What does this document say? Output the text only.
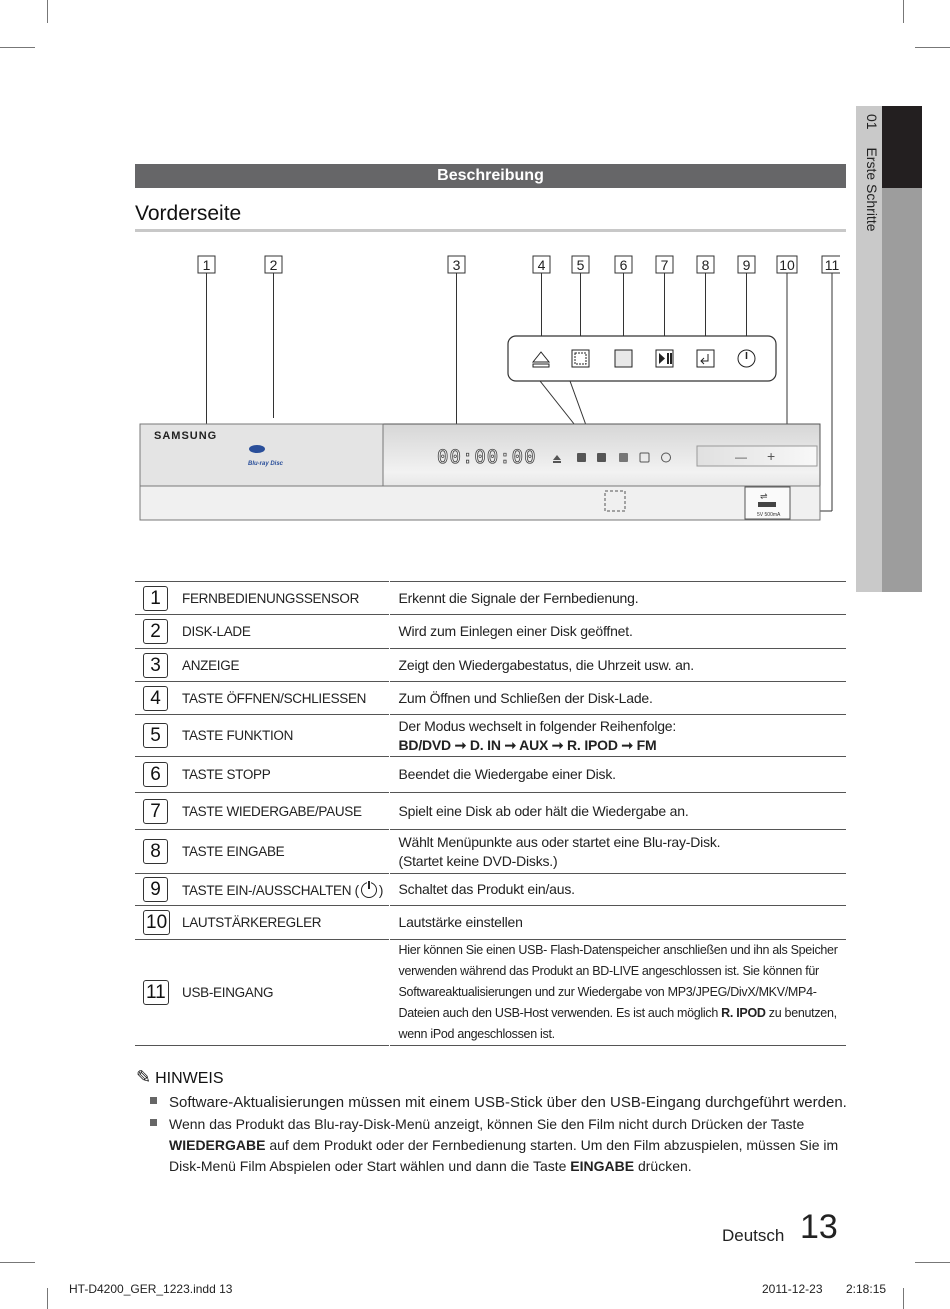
01 Erste Schritte
Beschreibung
Vorderseite
1	2	3	4 5	6 7 8 9 10 11
SAMSUNG
Blu-ray Disc	00:00:00	— +
5V 500mA
⇌
1	FERNBEDIENUNGSSENSOR	Erkennt die Signale der Fernbedienung.
2	DISK-LADE	Wird zum Einlegen einer Disk geöffnet.
3	ANZEIGE	Zeigt den Wiedergabestatus, die Uhrzeit usw. an.
4	TASTE ÖFFNEN/SCHLIESSEN	Zum Öffnen und Schließen der Disk-Lade.
5	TASTE FUNKTION	Der Modus wechselt in folgender Reihenfolge:
BD/DVD ➞ D. IN ➞ AUX ➞ R. IPOD ➞ FM
6	TASTE STOPP	Beendet die Wiedergabe einer Disk.
7	TASTE WIEDERGABE/PAUSE	Spielt eine Disk ab oder hält die Wiedergabe an.
8	TASTE EINGABE	Wählt Menüpunkte aus oder startet eine Blu-ray-Disk.
(Startet keine DVD-Disks.)
9	TASTE EIN-/AUSSCHALTEN ( )	Schaltet das Produkt ein/aus.
10	LAUTSTÄRKEREGLER	Lautstärke einstellen
11	USB-EINGANG	Hier können Sie einen USB- Flash-Datenspeicher anschließen und ihn als Speicher verwenden während das Produkt an BD-LIVE angeschlossen ist. Sie können für Softwareaktualisierungen und zur Wiedergabe von MP3/JPEG/DivX/MKV/MP4-Dateien auch den USB-Host verwenden. Es ist auch möglich R. IPOD zu benutzen, wenn iPod angeschlossen ist.
✎ HINWEIS
Software-Aktualisierungen müssen mit einem USB-Stick über den USB-Eingang durchgeführt werden.
Wenn das Produkt das Blu-ray-Disk-Menü anzeigt, können Sie den Film nicht durch Drücken der Taste WIEDERGABE auf dem Produkt oder der Fernbedienung starten. Um den Film abzuspielen, müssen Sie im Disk-Menü Film Abspielen oder Start wählen und dann die Taste EINGABE drücken.
Deutsch 13
HT-D4200_GER_1223.indd 13	2011-12-23 2:18:15
